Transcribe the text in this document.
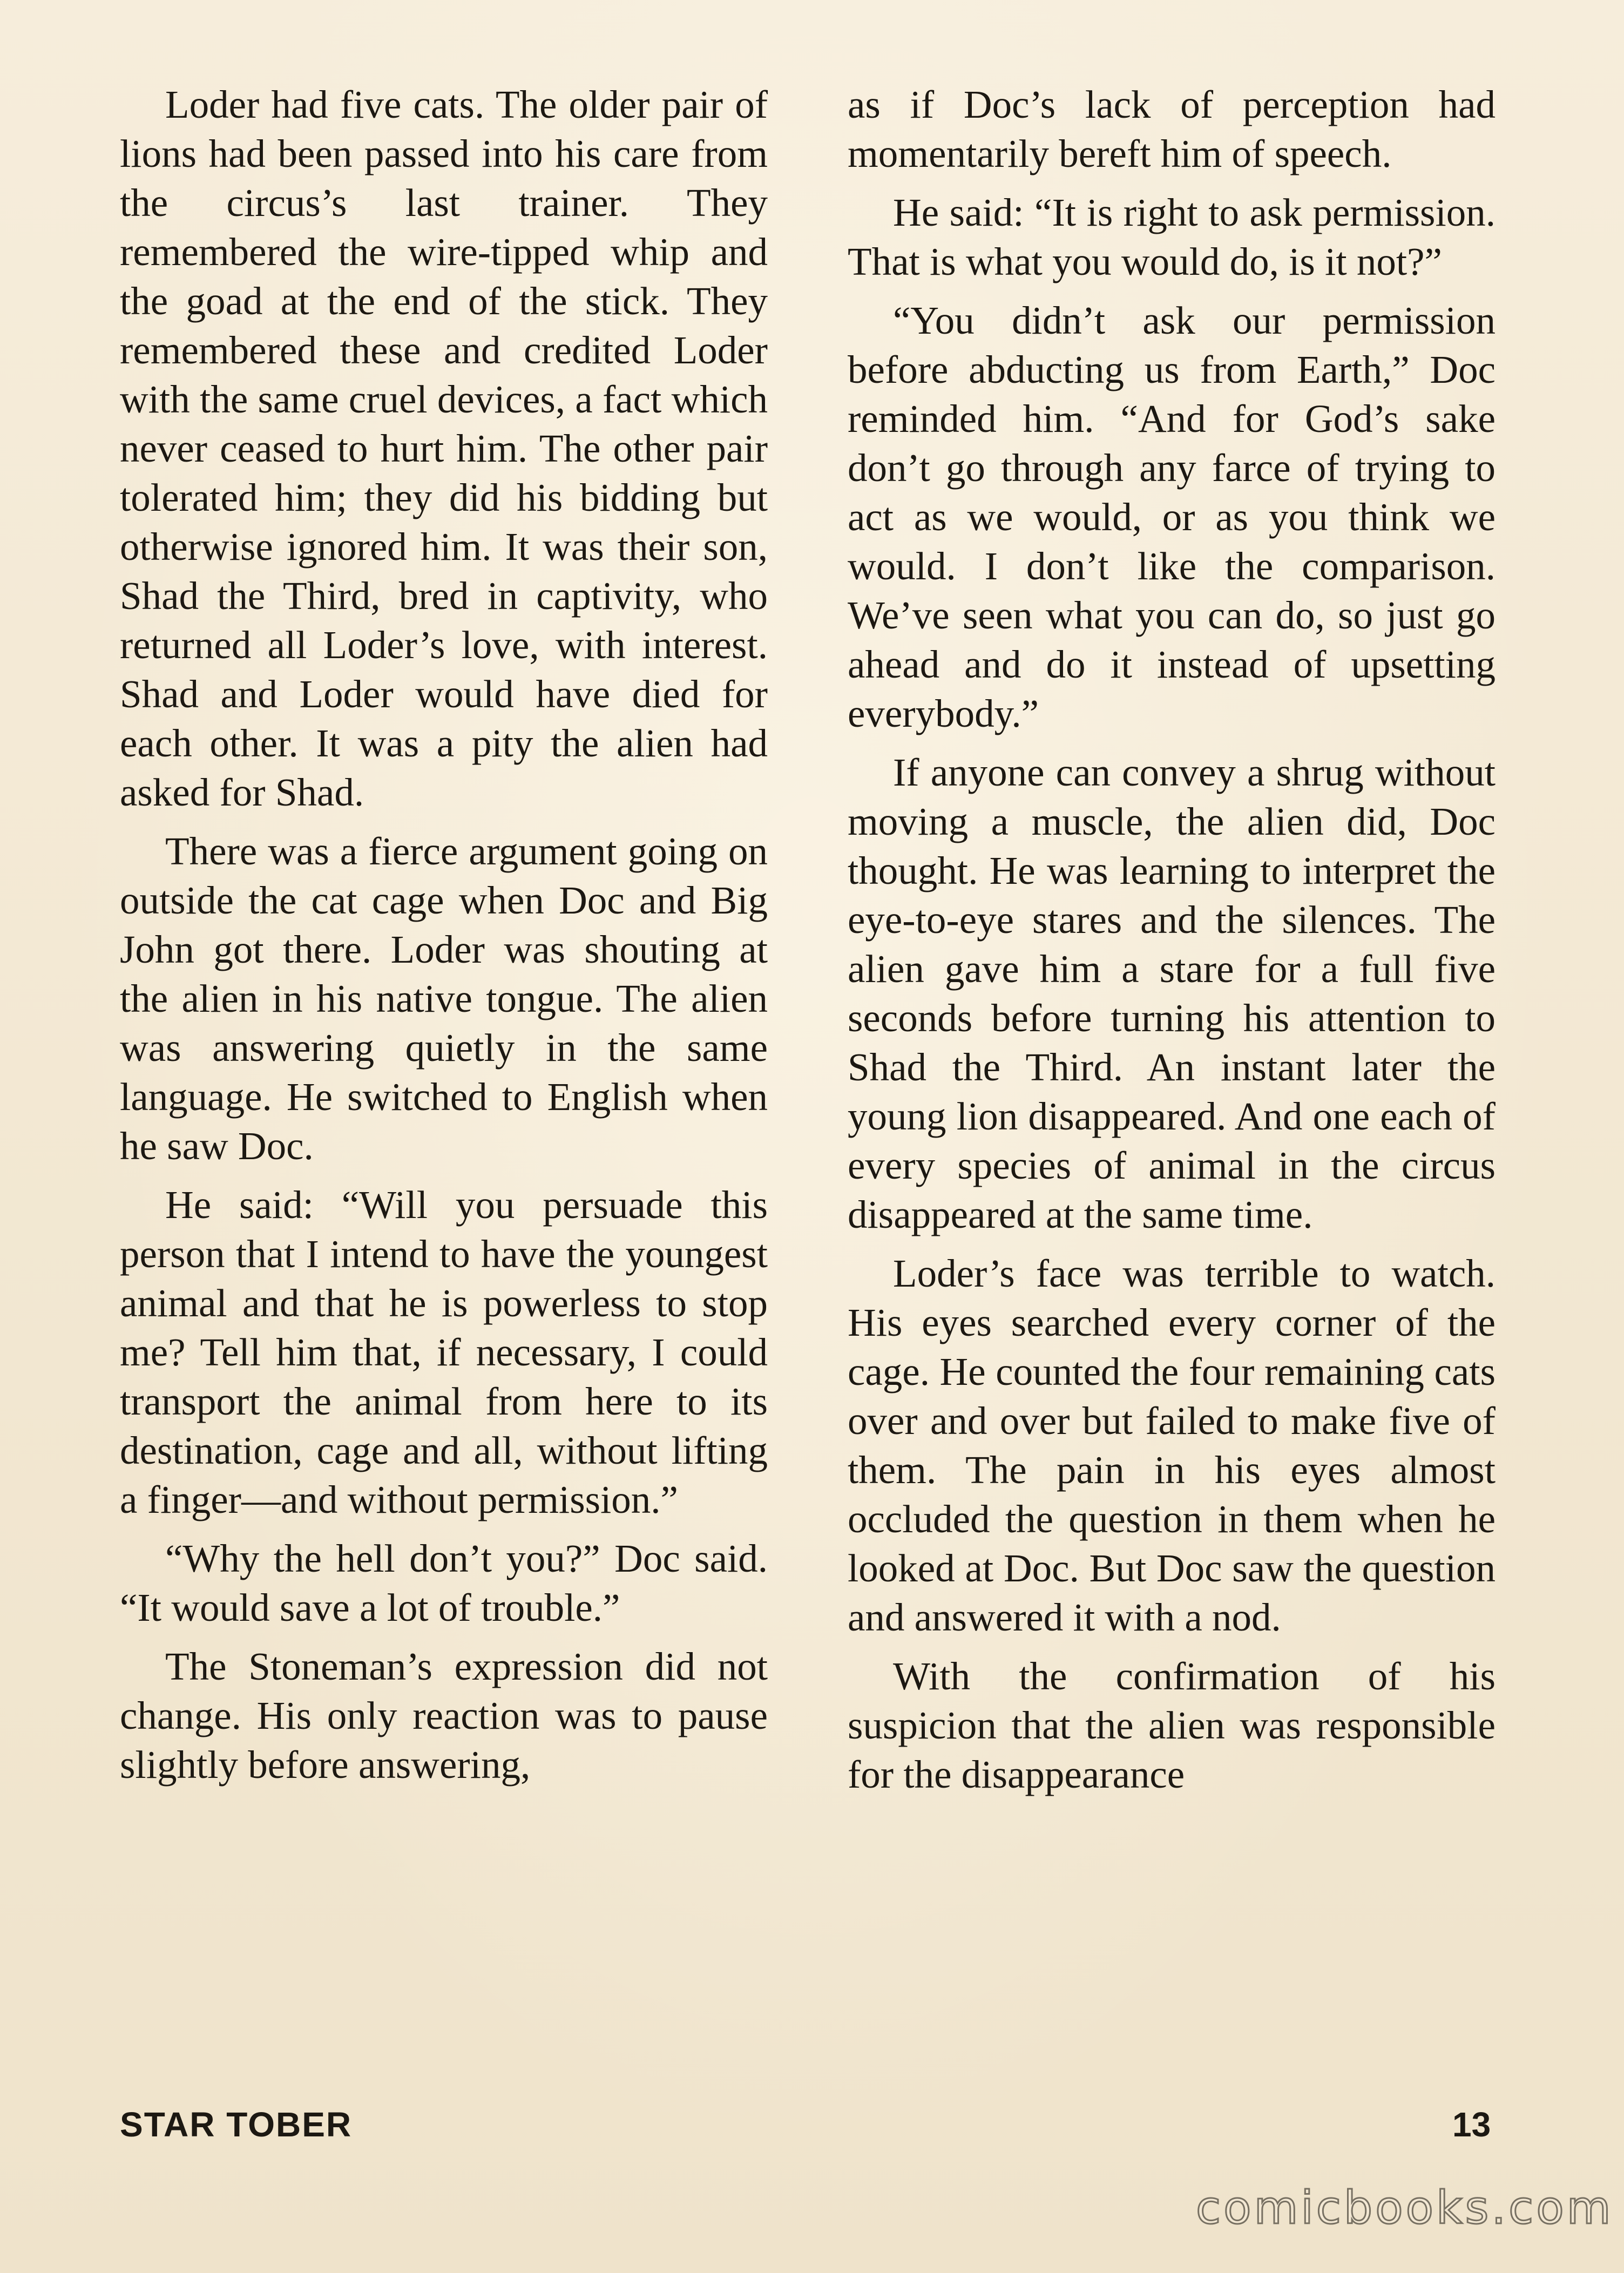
Loder had five cats. The older pair of lions had been passed into his care from the circus’s last trainer. They remembered the wire-tipped whip and the goad at the end of the stick. They remembered these and credited Loder with the same cruel devices, a fact which never ceased to hurt him. The other pair tolerated him; they did his bidding but otherwise ignored him. It was their son, Shad the Third, bred in captivity, who returned all Loder’s love, with interest. Shad and Loder would have died for each other. It was a pity the alien had asked for Shad.

There was a fierce argument going on outside the cat cage when Doc and Big John got there. Loder was shouting at the alien in his native tongue. The alien was answering quietly in the same language. He switched to English when he saw Doc.

He said: “Will you persuade this person that I intend to have the youngest animal and that he is powerless to stop me? Tell him that, if necessary, I could transport the animal from here to its destination, cage and all, without lifting a finger—and without permission.”

“Why the hell don’t you?” Doc said. “It would save a lot of trouble.”

The Stoneman’s expression did not change. His only reaction was to pause slightly before answering,

as if Doc’s lack of perception had momentarily bereft him of speech.

He said: “It is right to ask permission. That is what you would do, is it not?”

“You didn’t ask our permission before abducting us from Earth,” Doc reminded him. “And for God’s sake don’t go through any farce of trying to act as we would, or as you think we would. I don’t like the comparison. We’ve seen what you can do, so just go ahead and do it instead of upsetting everybody.”

If anyone can convey a shrug without moving a muscle, the alien did, Doc thought. He was learning to interpret the eye-to-eye stares and the silences. The alien gave him a stare for a full five seconds before turning his attention to Shad the Third. An instant later the young lion disappeared. And one each of every species of animal in the circus disappeared at the same time.

Loder’s face was terrible to watch. His eyes searched every corner of the cage. He counted the four remaining cats over and over but failed to make five of them. The pain in his eyes almost occluded the question in them when he looked at Doc. But Doc saw the question and answered it with a nod.

With the confirmation of his suspicion that the alien was responsible for the disappearance

STAR TOBER	13
comicbooks.com
